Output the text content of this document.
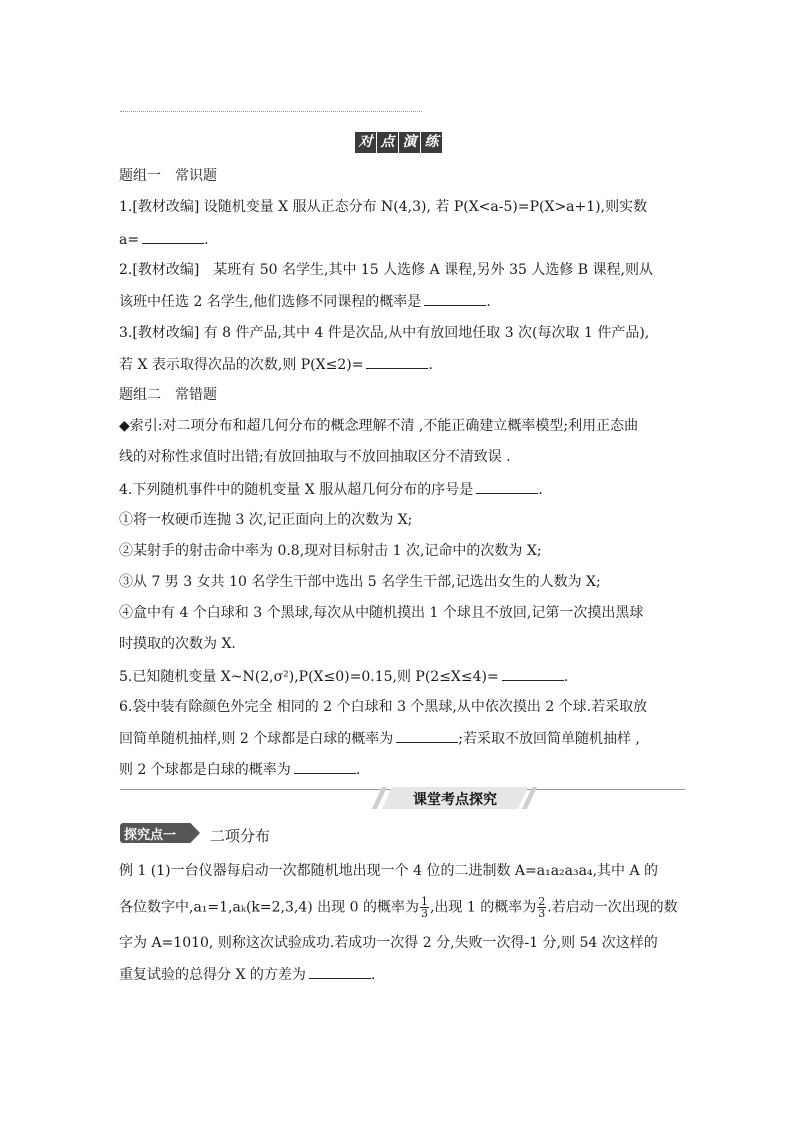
对 点 演 练
题组一　常识题
1.[教材改编] 设随机变量 X 服从正态分布 N(4,3), 若 P(X<a-5)=P(X>a+1),则实数
a=	.
2.[教材改编]　某班有 50 名学生,其中 15 人选修 A 课程,另外 35 人选修 B 课程,则从
该班中任选 2 名学生,他们选修不同课程的概率是	.
3.[教材改编] 有 8 件产品,其中 4 件是次品,从中有放回地任取 3 次(每次取 1 件产品),
若 X 表示取得次品的次数,则 P(X≤2)=	.
题组二　常错题
◆索引:对二项分布和超几何分布的概念理解不清 ,不能正确建立概率模型;利用正态曲
线的对称性求值时出错;有放回抽取与不放回抽取区分不清致误 .
4.下列随机事件中的随机变量 X 服从超几何分布的序号是	.
①将一枚硬币连抛 3 次,记正面向上的次数为 X;
②某射手的射击命中率为 0.8,现对目标射击 1 次,记命中的次数为 X;
③从 7 男 3 女共 10 名学生干部中选出 5 名学生干部,记选出女生的人数为 X;
④盒中有 4 个白球和 3 个黑球,每次从中随机摸出 1 个球且不放回,记第一次摸出黑球
时摸取的次数为 X.
5.已知随机变量 X~N(2,σ²),P(X≤0)=0.15,则 P(2≤X≤4)=	.
6.袋中装有除颜色外完全 相同的 2 个白球和 3 个黑球,从中依次摸出 2 个球.若采取放
回简单随机抽样,则 2 个球都是白球的概率为	;若采取不放回简单随机抽样 ,
则 2 个球都是白球的概率为	.
课堂考点探究
探究点一 二项分布
例 1 (1)一台仪器每启动一次都随机地出现一个 4 位的二进制数 A=a₁a₂a₃a₄,其中 A 的
各位数字中,a₁=1,aₖ(k=2,3,4) 出现 0 的概率为 $\frac{1}{3}$ ,出现 1 的概率为 $\frac{2}{3}$ .若启动一次出现的数
字为 A=1010, 则称这次试验成功.若成功一次得 2 分,失败一次得-1 分,则 54 次这样的
重复试验的总得分 X 的方差为	.
